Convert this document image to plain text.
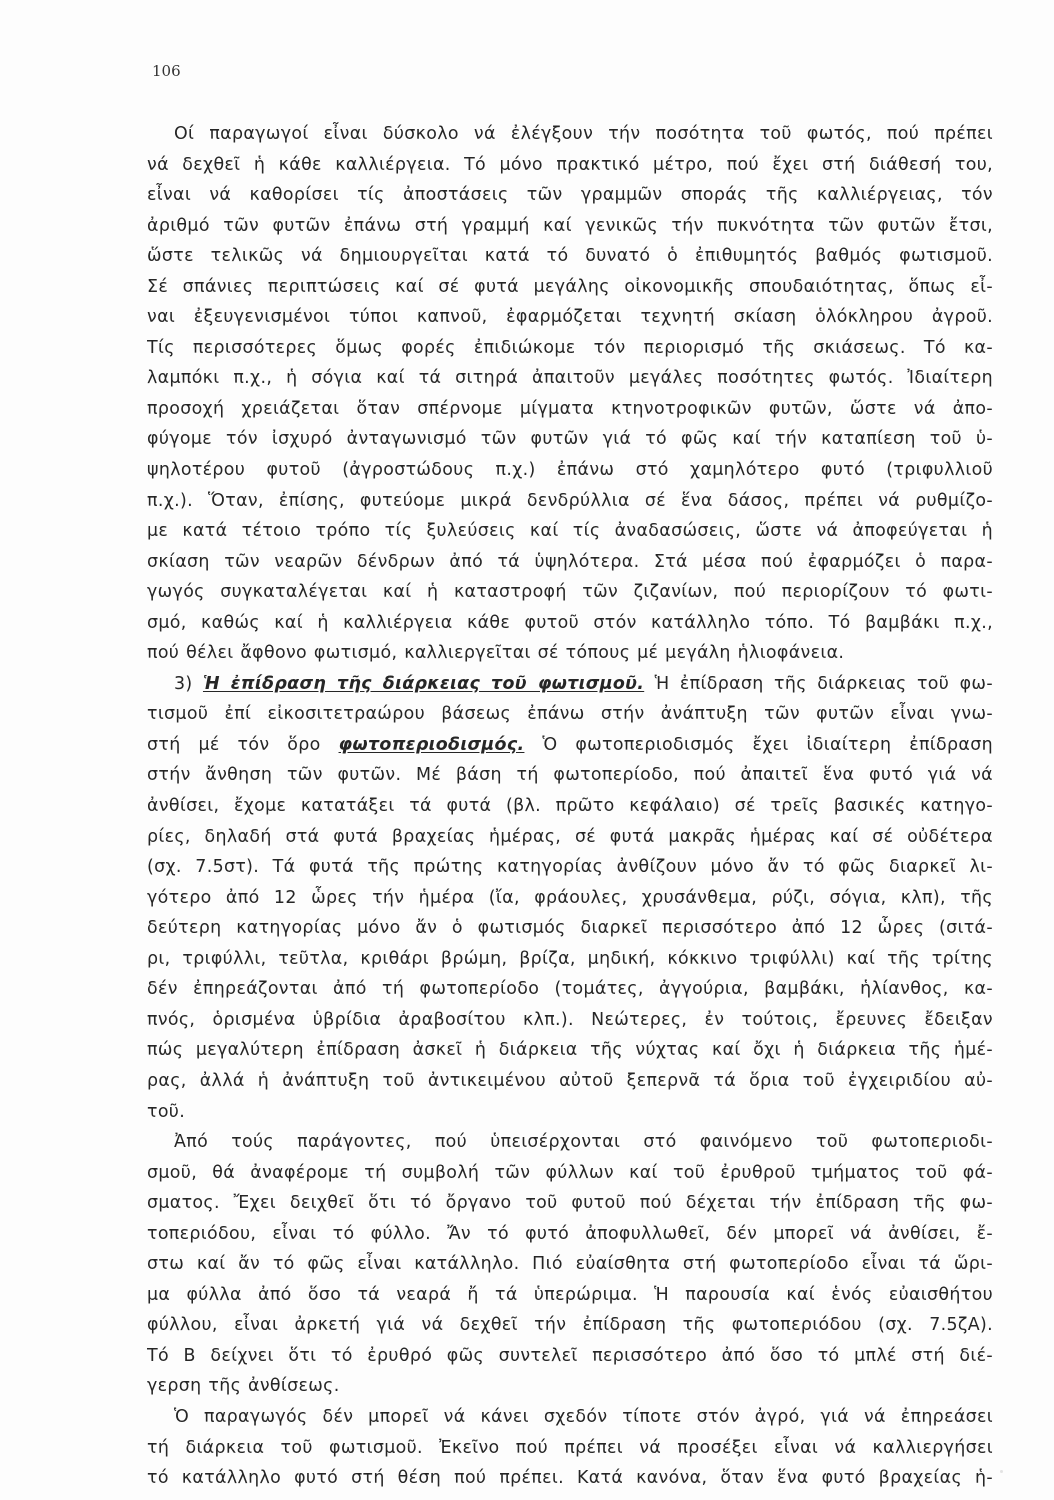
106
Οί παραγωγοί εἶναι δύσκολο νά ἐλέγξουν τήν ποσότητα τοῦ φωτός, πού πρέπει
νά δεχθεῖ ἡ κάθε καλλιέργεια. Τό μόνο πρακτικό μέτρο, πού ἔχει στή διάθεσή του,
εἶναι νά καθορίσει τίς ἀποστάσεις τῶν γραμμῶν σποράς τῆς καλλιέργειας, τόν
ἀριθμό τῶν φυτῶν ἐπάνω στή γραμμή καί γενικῶς τήν πυκνότητα τῶν φυτῶν ἔτσι,
ὥστε τελικῶς νά δημιουργεῖται κατά τό δυνατό ὁ ἐπιθυμητός βαθμός φωτισμοῦ.
Σέ σπάνιες περιπτώσεις καί σέ φυτά μεγάλης οἰκονομικῆς σπουδαιότητας, ὅπως εἶ-
ναι ἐξευγενισμένοι τύποι καπνοῦ, ἐφαρμόζεται τεχνητή σκίαση ὁλόκληρου ἀγροῦ.
Τίς περισσότερες ὅμως φορές ἐπιδιώκομε τόν περιορισμό τῆς σκιάσεως. Τό κα-
λαμπόκι π.χ., ἡ σόγια καί τά σιτηρά ἀπαιτοῦν μεγάλες ποσότητες φωτός. Ἰδιαίτερη
προσοχή χρειάζεται ὅταν σπέρνομε μίγματα κτηνοτροφικῶν φυτῶν, ὥστε νά ἀπο-
φύγομε τόν ἰσχυρό ἀνταγωνισμό τῶν φυτῶν γιά τό φῶς καί τήν καταπίεση τοῦ ὑ-
ψηλοτέρου φυτοῦ (ἀγροστώδους π.χ.) ἐπάνω στό χαμηλότερο φυτό (τριφυλλιοῦ
π.χ.). Ὅταν, ἐπίσης, φυτεύομε μικρά δενδρύλλια σέ ἕνα δάσος, πρέπει νά ρυθμίζο-
με κατά τέτοιο τρόπο τίς ξυλεύσεις καί τίς ἀναδασώσεις, ὥστε νά ἀποφεύγεται ἡ
σκίαση τῶν νεαρῶν δένδρων ἀπό τά ὑψηλότερα. Στά μέσα πού ἐφαρμόζει ὁ παρα-
γωγός συγκαταλέγεται καί ἡ καταστροφή τῶν ζιζανίων, πού περιορίζουν τό φωτι-
σμό, καθώς καί ἡ καλλιέργεια κάθε φυτοῦ στόν κατάλληλο τόπο. Τό βαμβάκι π.χ.,
πού θέλει ἄφθονο φωτισμό, καλλιεργεῖται σέ τόπους μέ μεγάλη ἡλιοφάνεια.
3) Ἡ ἐπίδραση τῆς διάρκειας τοῦ φωτισμοῦ. Ἡ ἐπίδραση τῆς διάρκειας τοῦ φω-
τισμοῦ ἐπί εἰκοσιτετραώρου βάσεως ἐπάνω στήν ἀνάπτυξη τῶν φυτῶν εἶναι γνω-
στή μέ τόν ὅρο φωτοπεριοδισμός. Ὁ φωτοπεριοδισμός ἔχει ἰδιαίτερη ἐπίδραση
στήν ἄνθηση τῶν φυτῶν. Μέ βάση τή φωτοπερίοδο, πού ἀπαιτεῖ ἕνα φυτό γιά νά
ἀνθίσει, ἔχομε κατατάξει τά φυτά (βλ. πρῶτο κεφάλαιο) σέ τρεῖς βασικές κατηγο-
ρίες, δηλαδή στά φυτά βραχείας ἡμέρας, σέ φυτά μακρᾶς ἡμέρας καί σέ οὐδέτερα
(σχ. 7.5στ). Τά φυτά τῆς πρώτης κατηγορίας ἀνθίζουν μόνο ἄν τό φῶς διαρκεῖ λι-
γότερο ἀπό 12 ὧρες τήν ἡμέρα (ἴα, φράουλες, χρυσάνθεμα, ρύζι, σόγια, κλπ), τῆς
δεύτερη κατηγορίας μόνο ἄν ὁ φωτισμός διαρκεῖ περισσότερο ἀπό 12 ὧρες (σιτά-
ρι, τριφύλλι, τεῦτλα, κριθάρι βρώμη, βρίζα, μηδική, κόκκινο τριφύλλι) καί τῆς τρίτης
δέν ἐπηρεάζονται ἀπό τή φωτοπερίοδο (τομάτες, ἀγγούρια, βαμβάκι, ἡλίανθος, κα-
πνός, ὁρισμένα ὑβρίδια ἀραβοσίτου κλπ.). Νεώτερες, ἐν τούτοις, ἔρευνες ἔδειξαν
πώς μεγαλύτερη ἐπίδραση ἀσκεῖ ἡ διάρκεια τῆς νύχτας καί ὄχι ἡ διάρκεια τῆς ἡμέ-
ρας, ἀλλά ἡ ἀνάπτυξη τοῦ ἀντικειμένου αὐτοῦ ξεπερνᾶ τά ὅρια τοῦ ἐγχειριδίου αὐ-
τοῦ.
Ἀπό τούς παράγοντες, πού ὑπεισέρχονται στό φαινόμενο τοῦ φωτοπεριοδι-
σμοῦ, θά ἀναφέρομε τή συμβολή τῶν φύλλων καί τοῦ ἐρυθροῦ τμήματος τοῦ φά-
σματος. Ἔχει δειχθεῖ ὅτι τό ὄργανο τοῦ φυτοῦ πού δέχεται τήν ἐπίδραση τῆς φω-
τοπεριόδου, εἶναι τό φύλλο. Ἄν τό φυτό ἀποφυλλωθεῖ, δέν μπορεῖ νά ἀνθίσει, ἔ-
στω καί ἄν τό φῶς εἶναι κατάλληλο. Πιό εὐαίσθητα στή φωτοπερίοδο εἶναι τά ὥρι-
μα φύλλα ἀπό ὅσο τά νεαρά ἤ τά ὑπερώριμα. Ἡ παρουσία καί ἑνός εὐαισθήτου
φύλλου, εἶναι ἀρκετή γιά νά δεχθεῖ τήν ἐπίδραση τῆς φωτοπεριόδου (σχ. 7.5ζΑ).
Τό Β δείχνει ὅτι τό ἐρυθρό φῶς συντελεῖ περισσότερο ἀπό ὅσο τό μπλέ στή διέ-
γερση τῆς ἀνθίσεως.
Ὁ παραγωγός δέν μπορεῖ νά κάνει σχεδόν τίποτε στόν ἀγρό, γιά νά ἐπηρεάσει
τή διάρκεια τοῦ φωτισμοῦ. Ἐκεῖνο πού πρέπει νά προσέξει εἶναι νά καλλιεργήσει
τό κατάλληλο φυτό στή θέση πού πρέπει. Κατά κανόνα, ὅταν ἕνα φυτό βραχείας ἡ-
